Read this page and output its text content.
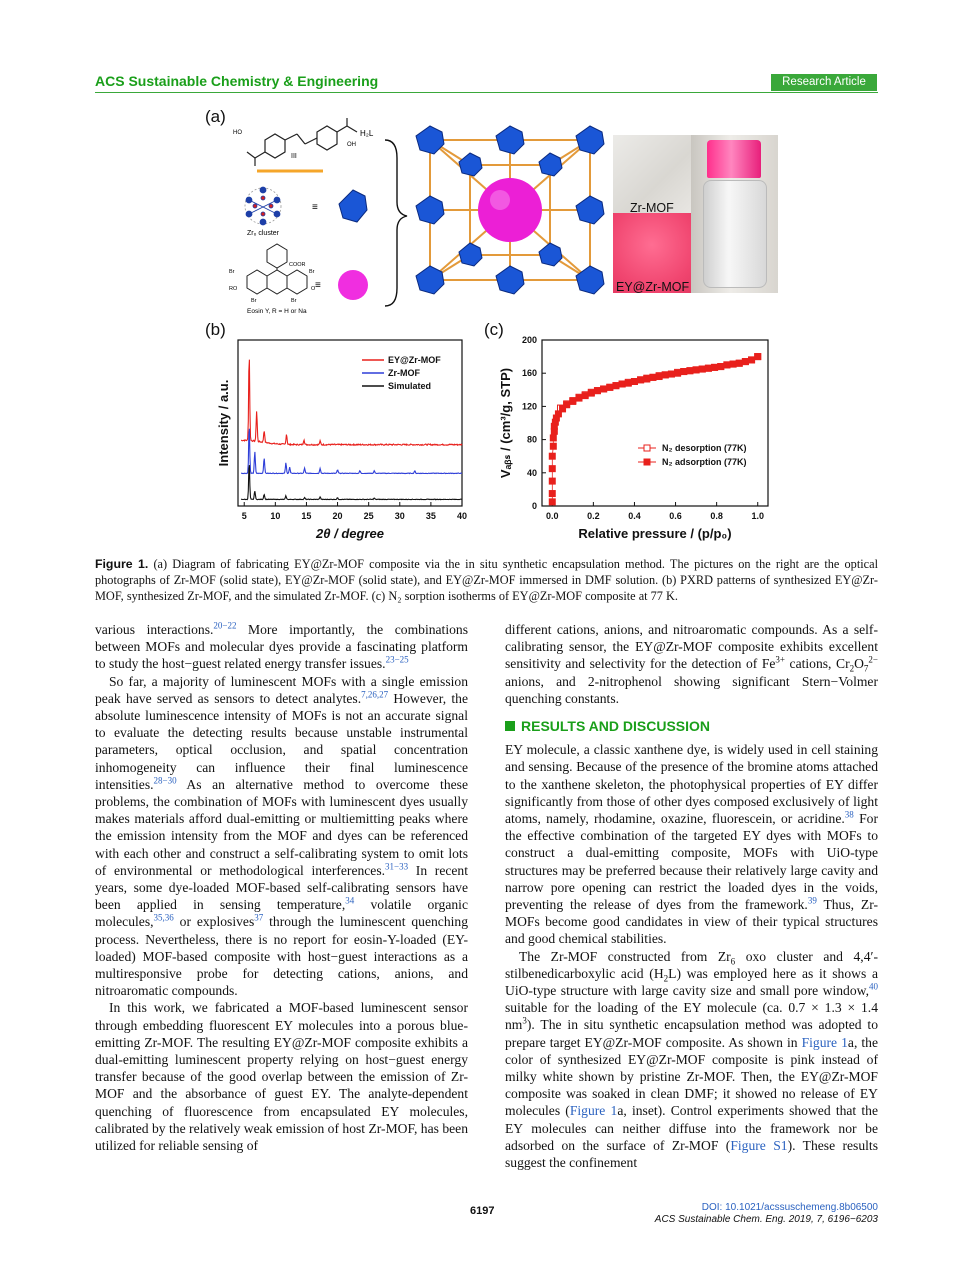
ACS Sustainable Chemistry & Engineering	Research Article
(a)
HO
OH
H₂L
III
Zr₆ cluster
≡
COOR
Br	Br
Br	Br
RO	O
Eosin Y, R = H or Na
≡
Zr-MOF
EY@Zr-MOF
(b)	(c)
5	10 15 20 25 30 35 40
2θ / degree
Intensity / a.u.
EY@Zr-MOF
Zr-MOF
Simulated
0.0	0.2	0.4	0.6	0.8	1.0
0
40
80
120
160
200
Relative pressure / (p/p₀)
Vₐᵦₛ / (cm³/g, STP)	N₂ desorption (77K)
N₂ adsorption (77K)
Figure 1. (a) Diagram of fabricating EY@Zr-MOF composite via the in situ synthetic encapsulation method. The pictures on the right are the optical photographs of Zr-MOF (solid state), EY@Zr-MOF (solid state), and EY@Zr-MOF immersed in DMF solution. (b) PXRD patterns of synthesized EY@Zr-MOF, synthesized Zr-MOF, and the simulated Zr-MOF. (c) N₂ sorption isotherms of EY@Zr-MOF composite at 77 K.

various interactions.$^{20-22}$ More importantly, the combinations between MOFs and molecular dyes provide a fascinating platform to study the host−guest related energy transfer issues.$^{23-25}$

So far, a majority of luminescent MOFs with a single emission peak have served as sensors to detect analytes.$^{7,26,27}$ However, the absolute luminescence intensity of MOFs is not an accurate signal to evaluate the detecting results because unstable instrumental parameters, optical occlusion, and spatial concentration inhomogeneity can influence their final luminescence intensities.$^{28-30}$ As an alternative method to overcome these problems, the combination of MOFs with luminescent dyes usually makes materials afford dual-emitting or multiemitting peaks where the emission intensity from the MOF and dyes can be referenced with each other and construct a self-calibrating system to omit lots of environmental or methodological interferences.$^{31-33}$ In recent years, some dye-loaded MOF-based self-calibrating sensors have been applied in sensing temperature,$^{34}$ volatile organic molecules,$^{35,36}$ or explosives$^{37}$ through the luminescent quenching process. Nevertheless, there is no report for eosin-Y-loaded (EY-loaded) MOF-based composite with host−guest interactions as a multiresponsive probe for detecting cations, anions, and nitroaromatic compounds.

In this work, we fabricated a MOF-based luminescent sensor through embedding fluorescent EY molecules into a porous blue-emitting Zr-MOF. The resulting EY@Zr-MOF composite exhibits a dual-emitting luminescent property relying on host−guest energy transfer because of the good overlap between the emission of Zr-MOF and the absorbance of guest EY. The analyte-dependent quenching of fluorescence from encapsulated EY molecules, calibrated by the relatively weak emission of host Zr-MOF, has been utilized for reliable sensing of

different cations, anions, and nitroaromatic compounds. As a self-calibrating sensor, the EY@Zr-MOF composite exhibits excellent sensitivity and selectivity for the detection of $Fe^{3+}$ cations, $Cr_2O_7^{2-}$ anions, and 2-nitrophenol showing significant Stern−Volmer quenching constants.

RESULTS AND DISCUSSION

EY molecule, a classic xanthene dye, is widely used in cell staining and sensing. Because of the presence of the bromine atoms attached to the xanthene skeleton, the photophysical properties of EY differ significantly from those of other dyes composed exclusively of light atoms, namely, rhodamine, oxazine, fluorescein, or acridine.$^{38}$ For the effective combination of the targeted EY dyes with MOFs to construct a dual-emitting composite, MOFs with UiO-type structures may be preferred because their relatively large cavity and narrow pore opening can restrict the loaded dyes in the voids, preventing the release of dyes from the framework.$^{39}$ Thus, Zr-MOFs become good candidates in view of their typical structures and good chemical stabilities.

The Zr-MOF constructed from $Zr_6$ oxo cluster and 4,4′-stilbenedicarboxylic acid $(H_2L)$ was employed here as it shows a UiO-type structure with large cavity size and small pore window,$^{40}$ suitable for the loading of the EY molecule (ca. 0.7 × 1.3 × 1.4 $nm^3$). The in situ synthetic encapsulation method was adopted to prepare target EY@Zr-MOF composite. As shown in Figure 1a, the color of synthesized EY@Zr-MOF composite is pink instead of milky white shown by pristine Zr-MOF. Then, the EY@Zr-MOF composite was soaked in clean DMF; it showed no release of EY molecules (Figure 1a, inset). Control experiments showed that the EY molecules can neither diffuse into the framework nor be adsorbed on the surface of Zr-MOF (Figure S1). These results suggest the confinement

6197	DOI: 10.1021/acssuschemeng.8b06500
ACS Sustainable Chem. Eng. 2019, 7, 6196−6203
